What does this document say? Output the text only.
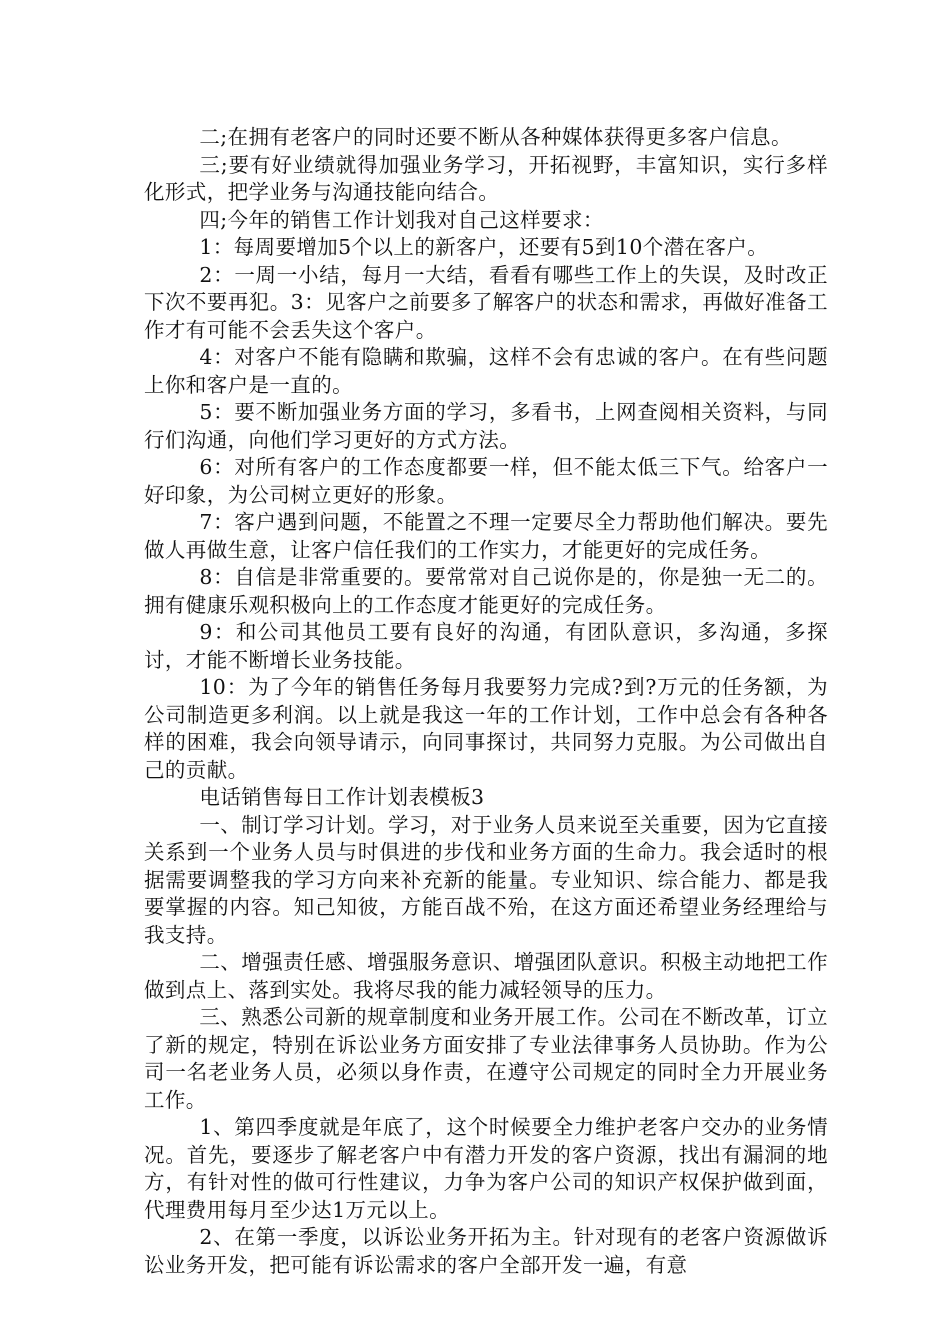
二;在拥有老客户的同时还要不断从各种媒体获得更多客户信息。

三;要有好业绩就得加强业务学习，开拓视野，丰富知识，实行多样化形式，把学业务与沟通技能向结合。

四;今年的销售工作计划我对自己这样要求：

1：每周要增加5个以上的新客户，还要有5到10个潜在客户。

2：一周一小结，每月一大结，看看有哪些工作上的失误，及时改正下次不要再犯。3：见客户之前要多了解客户的状态和需求，再做好准备工作才有可能不会丢失这个客户。

4：对客户不能有隐瞒和欺骗，这样不会有忠诚的客户。在有些问题上你和客户是一直的。

5：要不断加强业务方面的学习，多看书，上网查阅相关资料，与同行们沟通，向他们学习更好的方式方法。

6：对所有客户的工作态度都要一样，但不能太低三下气。给客户一好印象，为公司树立更好的形象。

7：客户遇到问题，不能置之不理一定要尽全力帮助他们解决。要先做人再做生意，让客户信任我们的工作实力，才能更好的完成任务。

8：自信是非常重要的。要常常对自己说你是的，你是独一无二的。拥有健康乐观积极向上的工作态度才能更好的完成任务。

9：和公司其他员工要有良好的沟通，有团队意识，多沟通，多探讨，才能不断增长业务技能。

10：为了今年的销售任务每月我要努力完成?到?万元的任务额，为公司制造更多利润。以上就是我这一年的工作计划，工作中总会有各种各样的困难，我会向领导请示，向同事探讨，共同努力克服。为公司做出自己的贡献。

电话销售每日工作计划表模板3

一、制订学习计划。学习，对于业务人员来说至关重要，因为它直接关系到一个业务人员与时俱进的步伐和业务方面的生命力。我会适时的根据需要调整我的学习方向来补充新的能量。专业知识、综合能力、都是我要掌握的内容。知己知彼，方能百战不殆，在这方面还希望业务经理给与我支持。

二、增强责任感、增强服务意识、增强团队意识。积极主动地把工作做到点上、落到实处。我将尽我的能力减轻领导的压力。

三、熟悉公司新的规章制度和业务开展工作。公司在不断改革，订立了新的规定，特别在诉讼业务方面安排了专业法律事务人员协助。作为公司一名老业务人员，必须以身作责，在遵守公司规定的同时全力开展业务工作。

1、第四季度就是年底了，这个时候要全力维护老客户交办的业务情况。首先，要逐步了解老客户中有潜力开发的客户资源，找出有漏洞的地方，有针对性的做可行性建议，力争为客户公司的知识产权保护做到面，代理费用每月至少达1万元以上。

2、在第一季度，以诉讼业务开拓为主。针对现有的老客户资源做诉讼业务开发，把可能有诉讼需求的客户全部开发一遍，有意
